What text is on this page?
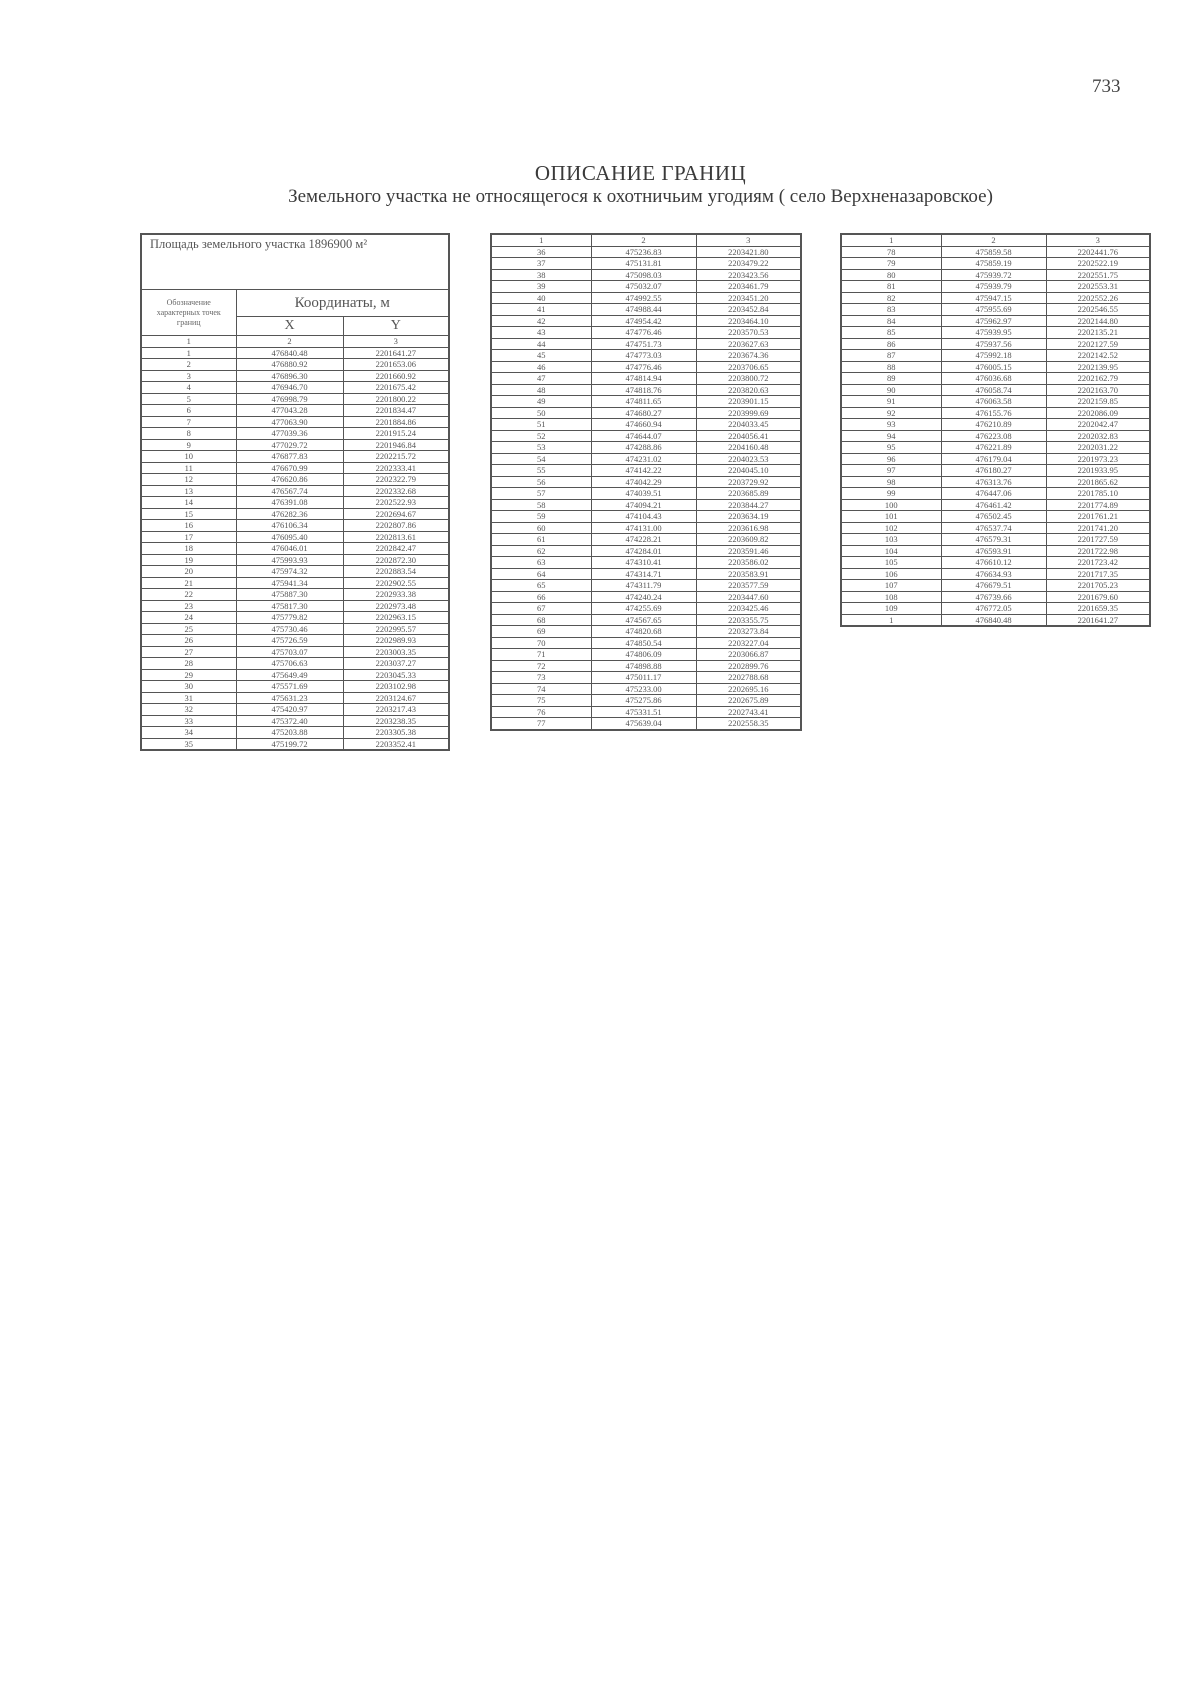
733
ОПИСАНИЕ ГРАНИЦ
Земельного участка не относящегося к охотничьим угодиям ( село Верхненазаровское)
Площадь земельного участка 1896900 м²		
Обозначение характерных точек границ	Координаты, м	
	X	Y
1	2	3
1	476840.48	2201641.27
2	476880.92	2201653.06
3	476896.30	2201660.92
4	476946.70	2201675.42
5	476998.79	2201800.22
6	477043.28	2201834.47
7	477063.90	2201884.86
8	477039.36	2201915.24
9	477029.72	2201946.84
10	476877.83	2202215.72
11	476670.99	2202333.41
12	476620.86	2202322.79
13	476567.74	2202332.68
14	476391.08	2202522.93
15	476282.36	2202694.67
16	476106.34	2202807.86
17	476095.40	2202813.61
18	476046.01	2202842.47
19	475993.93	2202872.30
20	475974.32	2202883.54
21	475941.34	2202902.55
22	475887.30	2202933.38
23	475817.30	2202973.48
24	475779.82	2202963.15
25	475730.46	2202995.57
26	475726.59	2202989.93
27	475703.07	2203003.35
28	475706.63	2203037.27
29	475649.49	2203045.33
30	475571.69	2203102.98
31	475631.23	2203124.67
32	475420.97	2203217.43
33	475372.40	2203238.35
34	475203.88	2203305.38
35	475199.72	2203352.41
1	2	3
36	475236.83	2203421.80
37	475131.81	2203479.22
38	475098.03	2203423.56
39	475032.07	2203461.79
40	474992.55	2203451.20
41	474988.44	2203452.84
42	474954.42	2203464.10
43	474776.46	2203570.53
44	474751.73	2203627.63
45	474773.03	2203674.36
46	474776.46	2203706.65
47	474814.94	2203800.72
48	474818.76	2203820.63
49	474811.65	2203901.15
50	474680.27	2203999.69
51	474660.94	2204033.45
52	474644.07	2204056.41
53	474288.86	2204160.48
54	474231.02	2204023.53
55	474142.22	2204045.10
56	474042.29	2203729.92
57	474039.51	2203685.89
58	474094.21	2203844.27
59	474104.43	2203634.19
60	474131.00	2203616.98
61	474228.21	2203609.82
62	474284.01	2203591.46
63	474310.41	2203586.02
64	474314.71	2203583.91
65	474311.79	2203577.59
66	474240.24	2203447.60
67	474255.69	2203425.46
68	474567.65	2203355.75
69	474820.68	2203273.84
70	474850.54	2203227.04
71	474806.09	2203066.87
72	474898.88	2202899.76
73	475011.17	2202788.68
74	475233.00	2202695.16
75	475275.86	2202675.89
76	475331.51	2202743.41
77	475639.04	2202558.35
1	2	3
78	475859.58	2202441.76
79	475859.19	2202522.19
80	475939.72	2202551.75
81	475939.79	2202553.31
82	475947.15	2202552.26
83	475955.69	2202546.55
84	475962.97	2202144.80
85	475939.95	2202135.21
86	475937.56	2202127.59
87	475992.18	2202142.52
88	476005.15	2202139.95
89	476036.68	2202162.79
90	476058.74	2202163.70
91	476063.58	2202159.85
92	476155.76	2202086.09
93	476210.89	2202042.47
94	476223.08	2202032.83
95	476221.89	2202031.22
96	476179.04	2201973.23
97	476180.27	2201933.95
98	476313.76	2201865.62
99	476447.06	2201785.10
100	476461.42	2201774.89
101	476502.45	2201761.21
102	476537.74	2201741.20
103	476579.31	2201727.59
104	476593.91	2201722.98
105	476610.12	2201723.42
106	476634.93	2201717.35
107	476679.51	2201705.23
108	476739.66	2201679.60
109	476772.05	2201659.35
1	476840.48	2201641.27
